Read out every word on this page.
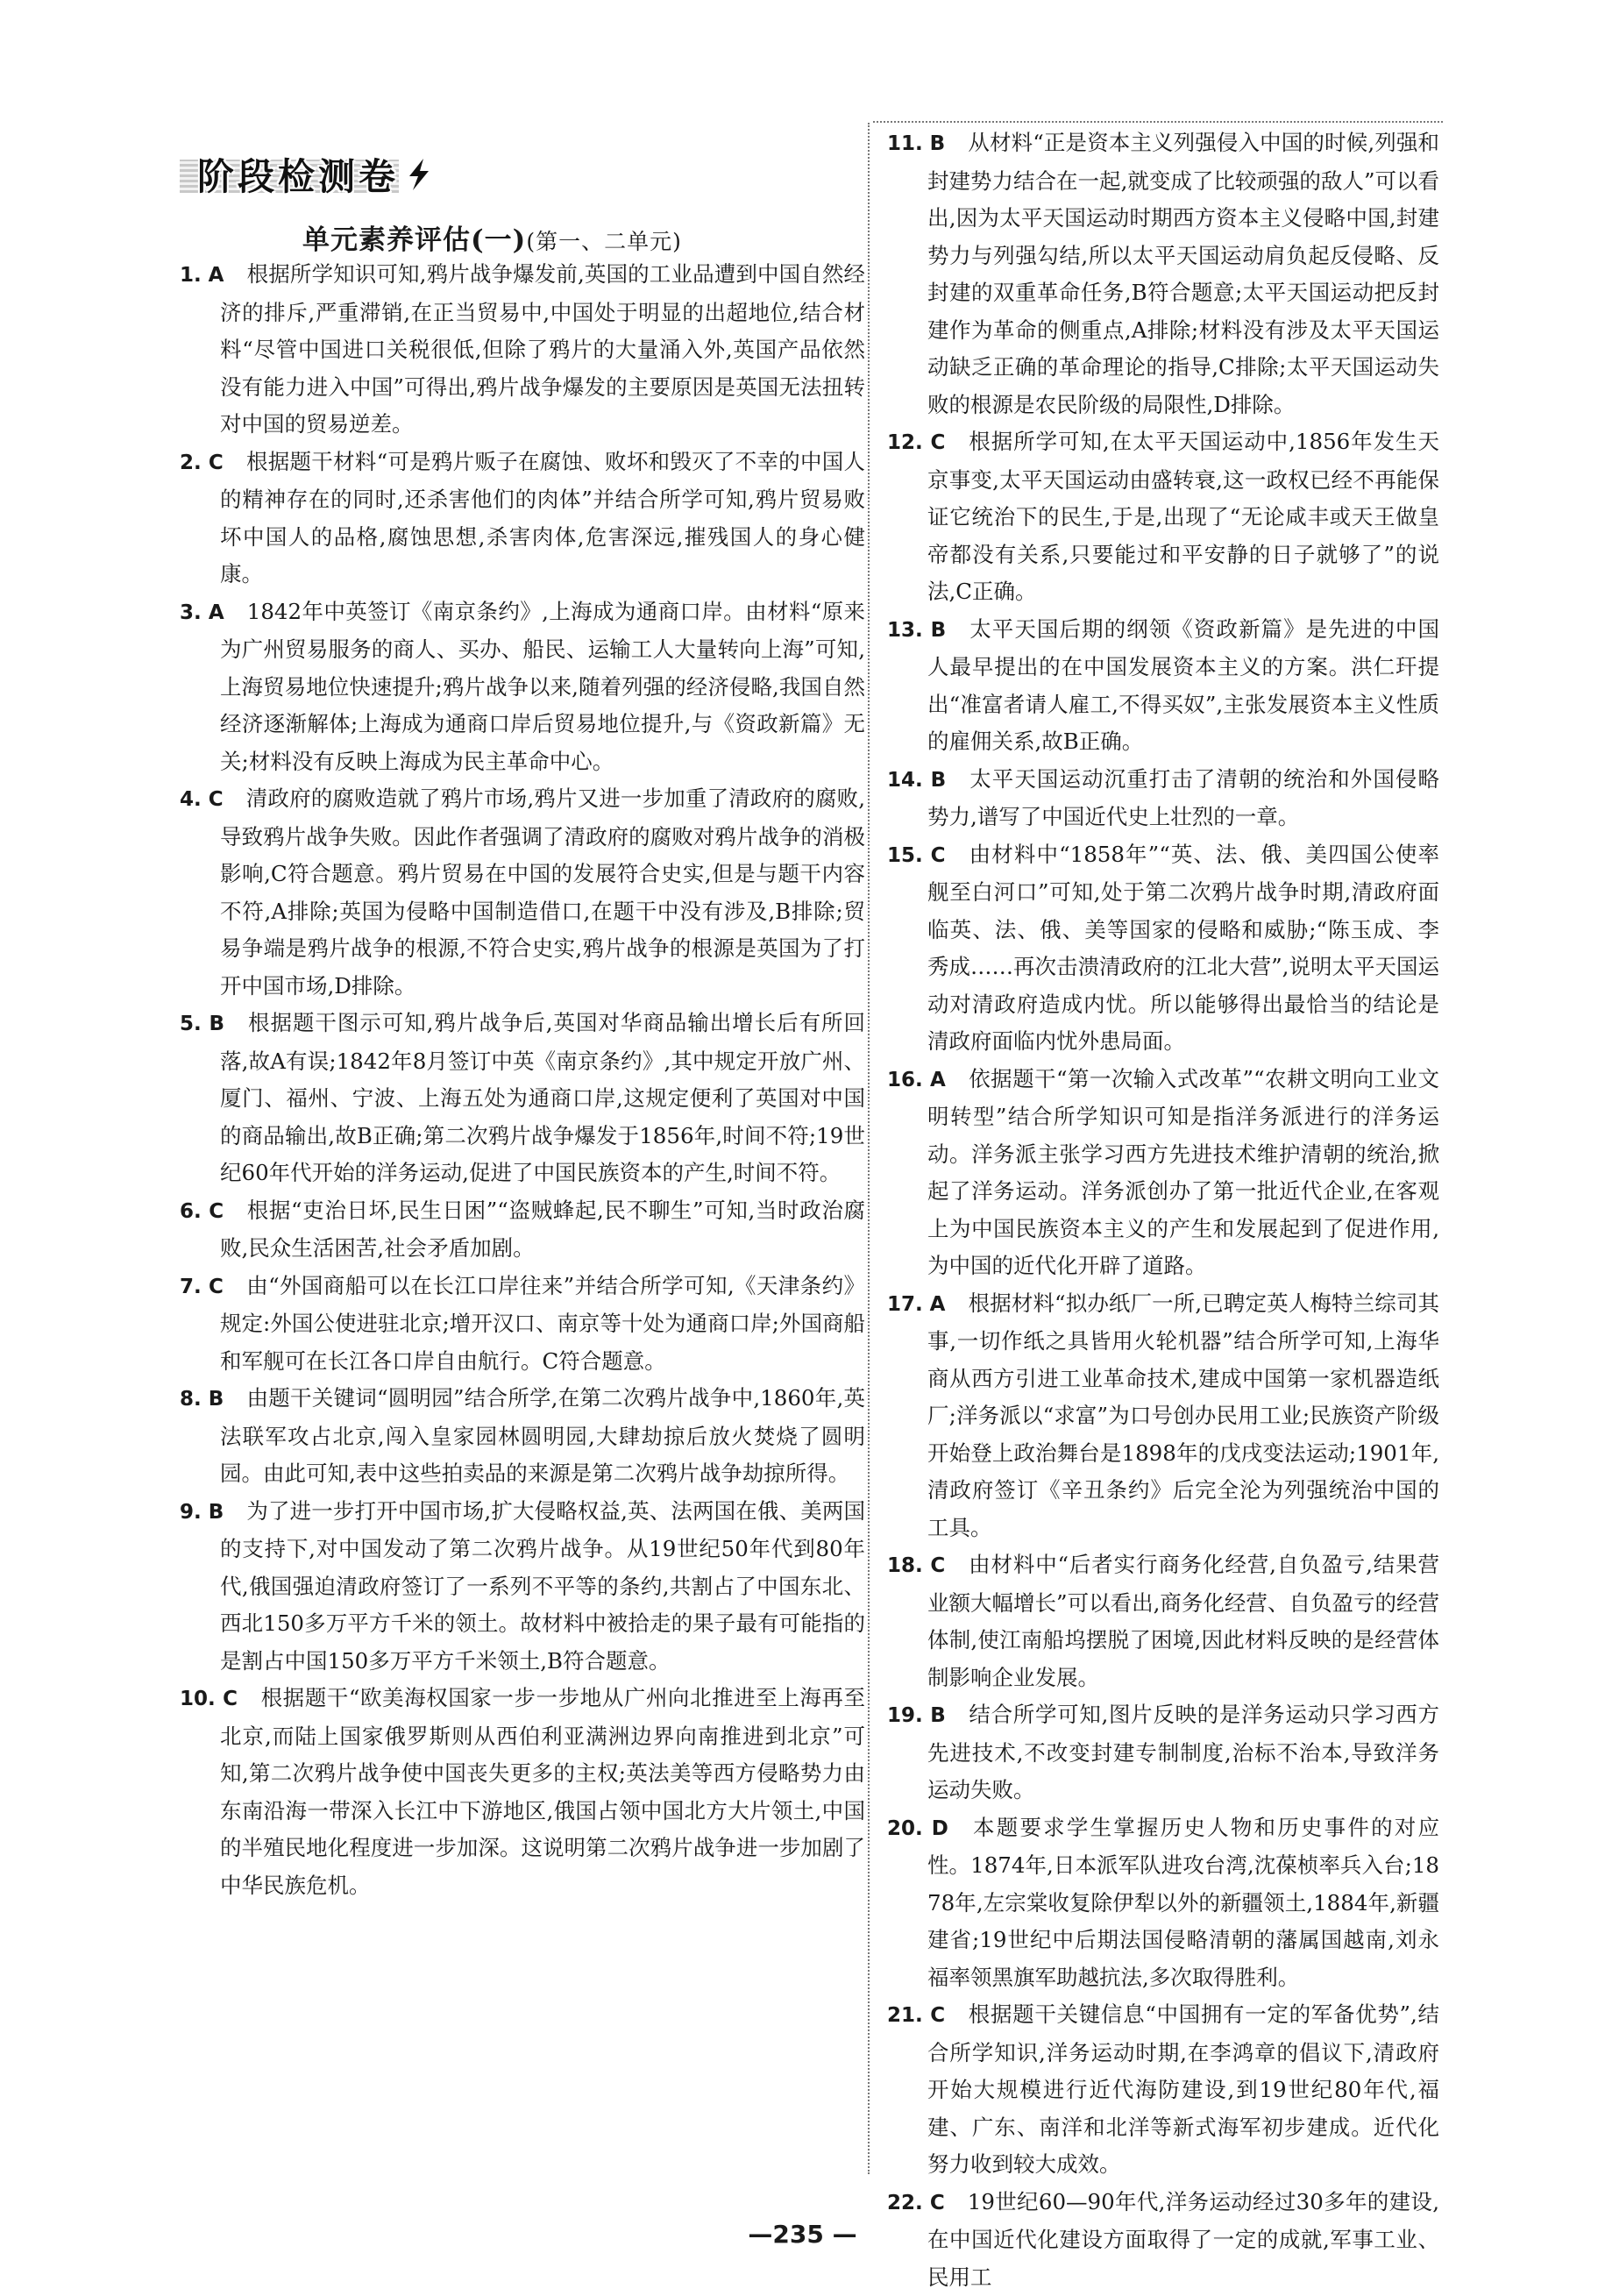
阶段检测卷
单元素养评估(一)(第一、二单元)

1. A 根据所学知识可知,鸦片战争爆发前,英国的工业品遭到中国自然经济的排斥,严重滞销,在正当贸易中,中国处于明显的出超地位,结合材料“尽管中国进口关税很低,但除了鸦片的大量涌入外,英国产品依然没有能力进入中国”可得出,鸦片战争爆发的主要原因是英国无法扭转对中国的贸易逆差。

2. C 根据题干材料“可是鸦片贩子在腐蚀、败坏和毁灭了不幸的中国人的精神存在的同时,还杀害他们的肉体”并结合所学可知,鸦片贸易败坏中国人的品格,腐蚀思想,杀害肉体,危害深远,摧残国人的身心健康。

3. A 1842年中英签订《南京条约》,上海成为通商口岸。由材料“原来为广州贸易服务的商人、买办、船民、运输工人大量转向上海”可知,上海贸易地位快速提升;鸦片战争以来,随着列强的经济侵略,我国自然经济逐渐解体;上海成为通商口岸后贸易地位提升,与《资政新篇》无关;材料没有反映上海成为民主革命中心。

4. C 清政府的腐败造就了鸦片市场,鸦片又进一步加重了清政府的腐败,导致鸦片战争失败。因此作者强调了清政府的腐败对鸦片战争的消极影响,C符合题意。鸦片贸易在中国的发展符合史实,但是与题干内容不符,A排除;英国为侵略中国制造借口,在题干中没有涉及,B排除;贸易争端是鸦片战争的根源,不符合史实,鸦片战争的根源是英国为了打开中国市场,D排除。

5. B 根据题干图示可知,鸦片战争后,英国对华商品输出增长后有所回落,故A有误;1842年8月签订中英《南京条约》,其中规定开放广州、厦门、福州、宁波、上海五处为通商口岸,这规定便利了英国对中国的商品输出,故B正确;第二次鸦片战争爆发于1856年,时间不符;19世纪60年代开始的洋务运动,促进了中国民族资本的产生,时间不符。

6. C 根据“吏治日坏,民生日困”“盗贼蜂起,民不聊生”可知,当时政治腐败,民众生活困苦,社会矛盾加剧。

7. C 由“外国商船可以在长江口岸往来”并结合所学可知,《天津条约》规定:外国公使进驻北京;增开汉口、南京等十处为通商口岸;外国商船和军舰可在长江各口岸自由航行。C符合题意。

8. B 由题干关键词“圆明园”结合所学,在第二次鸦片战争中,1860年,英法联军攻占北京,闯入皇家园林圆明园,大肆劫掠后放火焚烧了圆明园。由此可知,表中这些拍卖品的来源是第二次鸦片战争劫掠所得。

9. B 为了进一步打开中国市场,扩大侵略权益,英、法两国在俄、美两国的支持下,对中国发动了第二次鸦片战争。从19世纪50年代到80年代,俄国强迫清政府签订了一系列不平等的条约,共割占了中国东北、西北150多万平方千米的领土。故材料中被拾走的果子最有可能指的是割占中国150多万平方千米领土,B符合题意。

10. C 根据题干“欧美海权国家一步一步地从广州向北推进至上海再至北京,而陆上国家俄罗斯则从西伯利亚满洲边界向南推进到北京”可知,第二次鸦片战争使中国丧失更多的主权;英法美等西方侵略势力由东南沿海一带深入长江中下游地区,俄国占领中国北方大片领土,中国的半殖民地化程度进一步加深。这说明第二次鸦片战争进一步加剧了中华民族危机。

11. B 从材料“正是资本主义列强侵入中国的时候,列强和封建势力结合在一起,就变成了比较顽强的敌人”可以看出,因为太平天国运动时期西方资本主义侵略中国,封建势力与列强勾结,所以太平天国运动肩负起反侵略、反封建的双重革命任务,B符合题意;太平天国运动把反封建作为革命的侧重点,A排除;材料没有涉及太平天国运动缺乏正确的革命理论的指导,C排除;太平天国运动失败的根源是农民阶级的局限性,D排除。

12. C 根据所学可知,在太平天国运动中,1856年发生天京事变,太平天国运动由盛转衰,这一政权已经不再能保证它统治下的民生,于是,出现了“无论咸丰或天王做皇帝都没有关系,只要能过和平安静的日子就够了”的说法,C正确。

13. B 太平天国后期的纲领《资政新篇》是先进的中国人最早提出的在中国发展资本主义的方案。洪仁玕提出“准富者请人雇工,不得买奴”,主张发展资本主义性质的雇佣关系,故B正确。

14. B 太平天国运动沉重打击了清朝的统治和外国侵略势力,谱写了中国近代史上壮烈的一章。

15. C 由材料中“1858年”“英、法、俄、美四国公使率舰至白河口”可知,处于第二次鸦片战争时期,清政府面临英、法、俄、美等国家的侵略和威胁;“陈玉成、李秀成……再次击溃清政府的江北大营”,说明太平天国运动对清政府造成内忧。所以能够得出最恰当的结论是清政府面临内忧外患局面。

16. A 依据题干“第一次输入式改革”“农耕文明向工业文明转型”结合所学知识可知是指洋务派进行的洋务运动。洋务派主张学习西方先进技术维护清朝的统治,掀起了洋务运动。洋务派创办了第一批近代企业,在客观上为中国民族资本主义的产生和发展起到了促进作用,为中国的近代化开辟了道路。

17. A 根据材料“拟办纸厂一所,已聘定英人梅特兰综司其事,一切作纸之具皆用火轮机器”结合所学可知,上海华商从西方引进工业革命技术,建成中国第一家机器造纸厂;洋务派以“求富”为口号创办民用工业;民族资产阶级开始登上政治舞台是1898年的戊戌变法运动;1901年,清政府签订《辛丑条约》后完全沦为列强统治中国的工具。

18. C 由材料中“后者实行商务化经营,自负盈亏,结果营业额大幅增长”可以看出,商务化经营、自负盈亏的经营体制,使江南船坞摆脱了困境,因此材料反映的是经营体制影响企业发展。

19. B 结合所学可知,图片反映的是洋务运动只学习西方先进技术,不改变封建专制制度,治标不治本,导致洋务运动失败。

20. D 本题要求学生掌握历史人物和历史事件的对应性。1874年,日本派军队进攻台湾,沈葆桢率兵入台;1878年,左宗棠收复除伊犁以外的新疆领土,1884年,新疆建省;19世纪中后期法国侵略清朝的藩属国越南,刘永福率领黑旗军助越抗法,多次取得胜利。

21. C 根据题干关键信息“中国拥有一定的军备优势”,结合所学知识,洋务运动时期,在李鸿章的倡议下,清政府开始大规模进行近代海防建设,到19世纪80年代,福建、广东、南洋和北洋等新式海军初步建成。近代化努力收到较大成效。

22. C 19世纪60—90年代,洋务运动经过30多年的建设,在中国近代化建设方面取得了一定的成就,军事工业、民用工

—235 —
